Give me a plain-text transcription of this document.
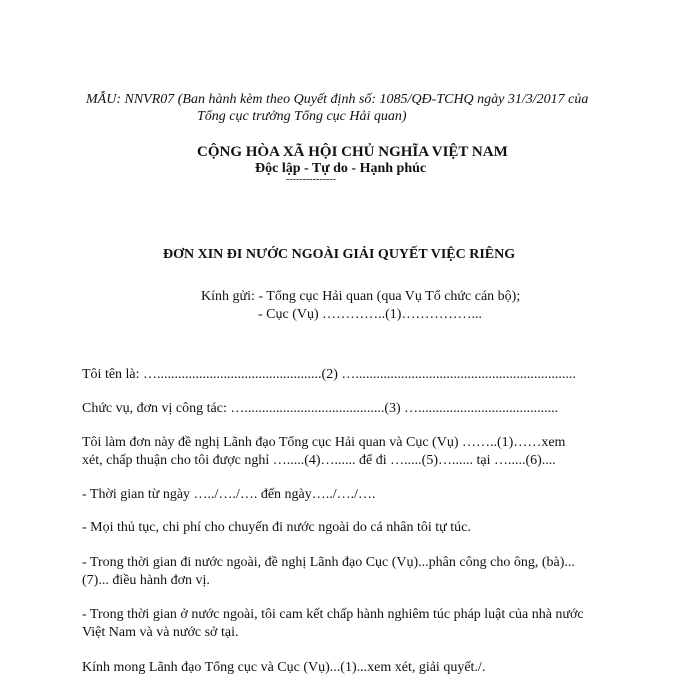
MẪU: NNVR07 (Ban hành kèm theo Quyết định số: 1085/QĐ-TCHQ ngày 31/3/2017 của
Tổng cục trưởng Tổng cục Hải quan)
CỘNG HÒA XÃ HỘI CHỦ NGHĨA VIỆT NAM
Độc lập - Tự do - Hạnh phúc
---------------
ĐƠN XIN ĐI NƯỚC NGOÀI GIẢI QUYẾT VIỆC RIÊNG
Kính gửi: - Tổng cục Hải quan (qua Vụ Tổ chức cán bộ);
- Cục (Vụ) …………..(1)……………...
Tôi tên là: …...............................................(2) …...............................................................
Chức vụ, đơn vị công tác: …........................................(3) …........................................
Tôi làm đơn này đề nghị Lãnh đạo Tổng cục Hải quan và Cục (Vụ) ……..(1)……xem
xét, chấp thuận cho tôi được nghỉ ….....(4)…...... để đi ….....(5)…...... tại ….....(6)....
- Thời gian từ ngày …../…./…. đến ngày…../…./….
- Mọi thủ tục, chi phí cho chuyến đi nước ngoài do cá nhân tôi tự túc.
- Trong thời gian đi nước ngoài, đề nghị Lãnh đạo Cục (Vụ)...phân công cho ông, (bà)...
(7)... điều hành đơn vị.
- Trong thời gian ở nước ngoài, tôi cam kết chấp hành nghiêm túc pháp luật của nhà nước
Việt Nam và và nước sở tại.
Kính mong Lãnh đạo Tổng cục và Cục (Vụ)...(1)...xem xét, giải quyết./.
